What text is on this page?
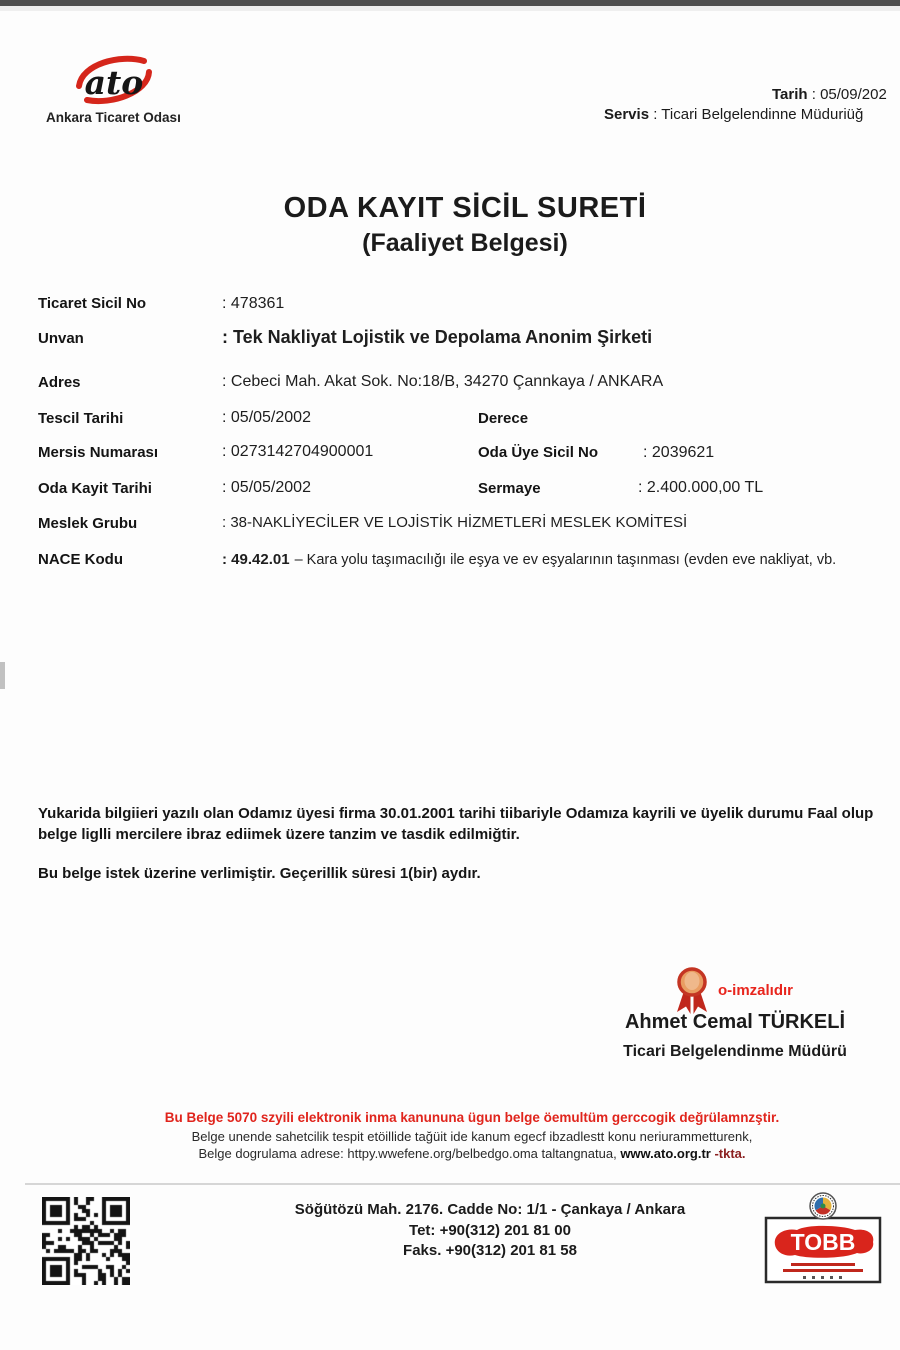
ato
Ankara Ticaret Odası
Tarih : 05/09/202
Servis : Ticari Belgelendinne Müduriüğ
ODA KAYIT SİCİL SURETİ
(Faaliyet Belgesi)
Ticaret Sicil No	: 478361
Unvan	: Tek Nakliyat Lojistik ve Depolama Anonim Şirketi
Adres	: Cebeci Mah. Akat Sok. No:18/B, 34270 Çannkaya / ANKARA
Tescil Tarihi	: 05/05/2002	Derece
Mersis Numarası	: 0273142704900001	Oda Üye Sicil No	: 2039621
Oda Kayit Tarihi	: 05/05/2002	Sermaye	: 2.400.000,00 TL
Meslek Grubu	: 38-NAKLİYECİLER VE LOJİSTİK HİZMETLERİ MESLEK KOMİTESİ
NACE Kodu	: 49.42.01 – Kara yolu taşımacılığı ile eşya ve ev eşyalarının taşınması (evden eve nakliyat, vb.
Yukarida bilgiieri yazılı olan Odamız üyesi firma 30.01.2001 tarihi tiibariyle Odamıza kayrili ve üyelik durumu Faal olup belge liglli mercilere ibraz ediimek üzere tanzim ve tasdik edilmiğtir.
Bu belge istek üzerine verlimiştir. Geçerillik süresi 1(bir) aydır.
o-imzalıdır
Ahmet Cemal TÜRKELİ
Ticari Belgelendinme Müdürü
Bu Belge 5070 szyili elektronik inma kanununa ügun belge öemultüm gerccogik değrülamnzştir.
Belge unende sahetcilik tespit etöillide tağüit ide kanum egecf ibzadlestt konu neriurammetturenk,
Belge dogrulama adrese: httpy.wwefene.org/belbedgo.oma taltangnatua, www.ato.org.tr -tkta.
Söğütözü Mah. 2176. Cadde No: 1/1 - Çankaya / Ankara
Tet: +90(312) 201 81 00
Faks. +90(312) 201 81 58	TOBB
